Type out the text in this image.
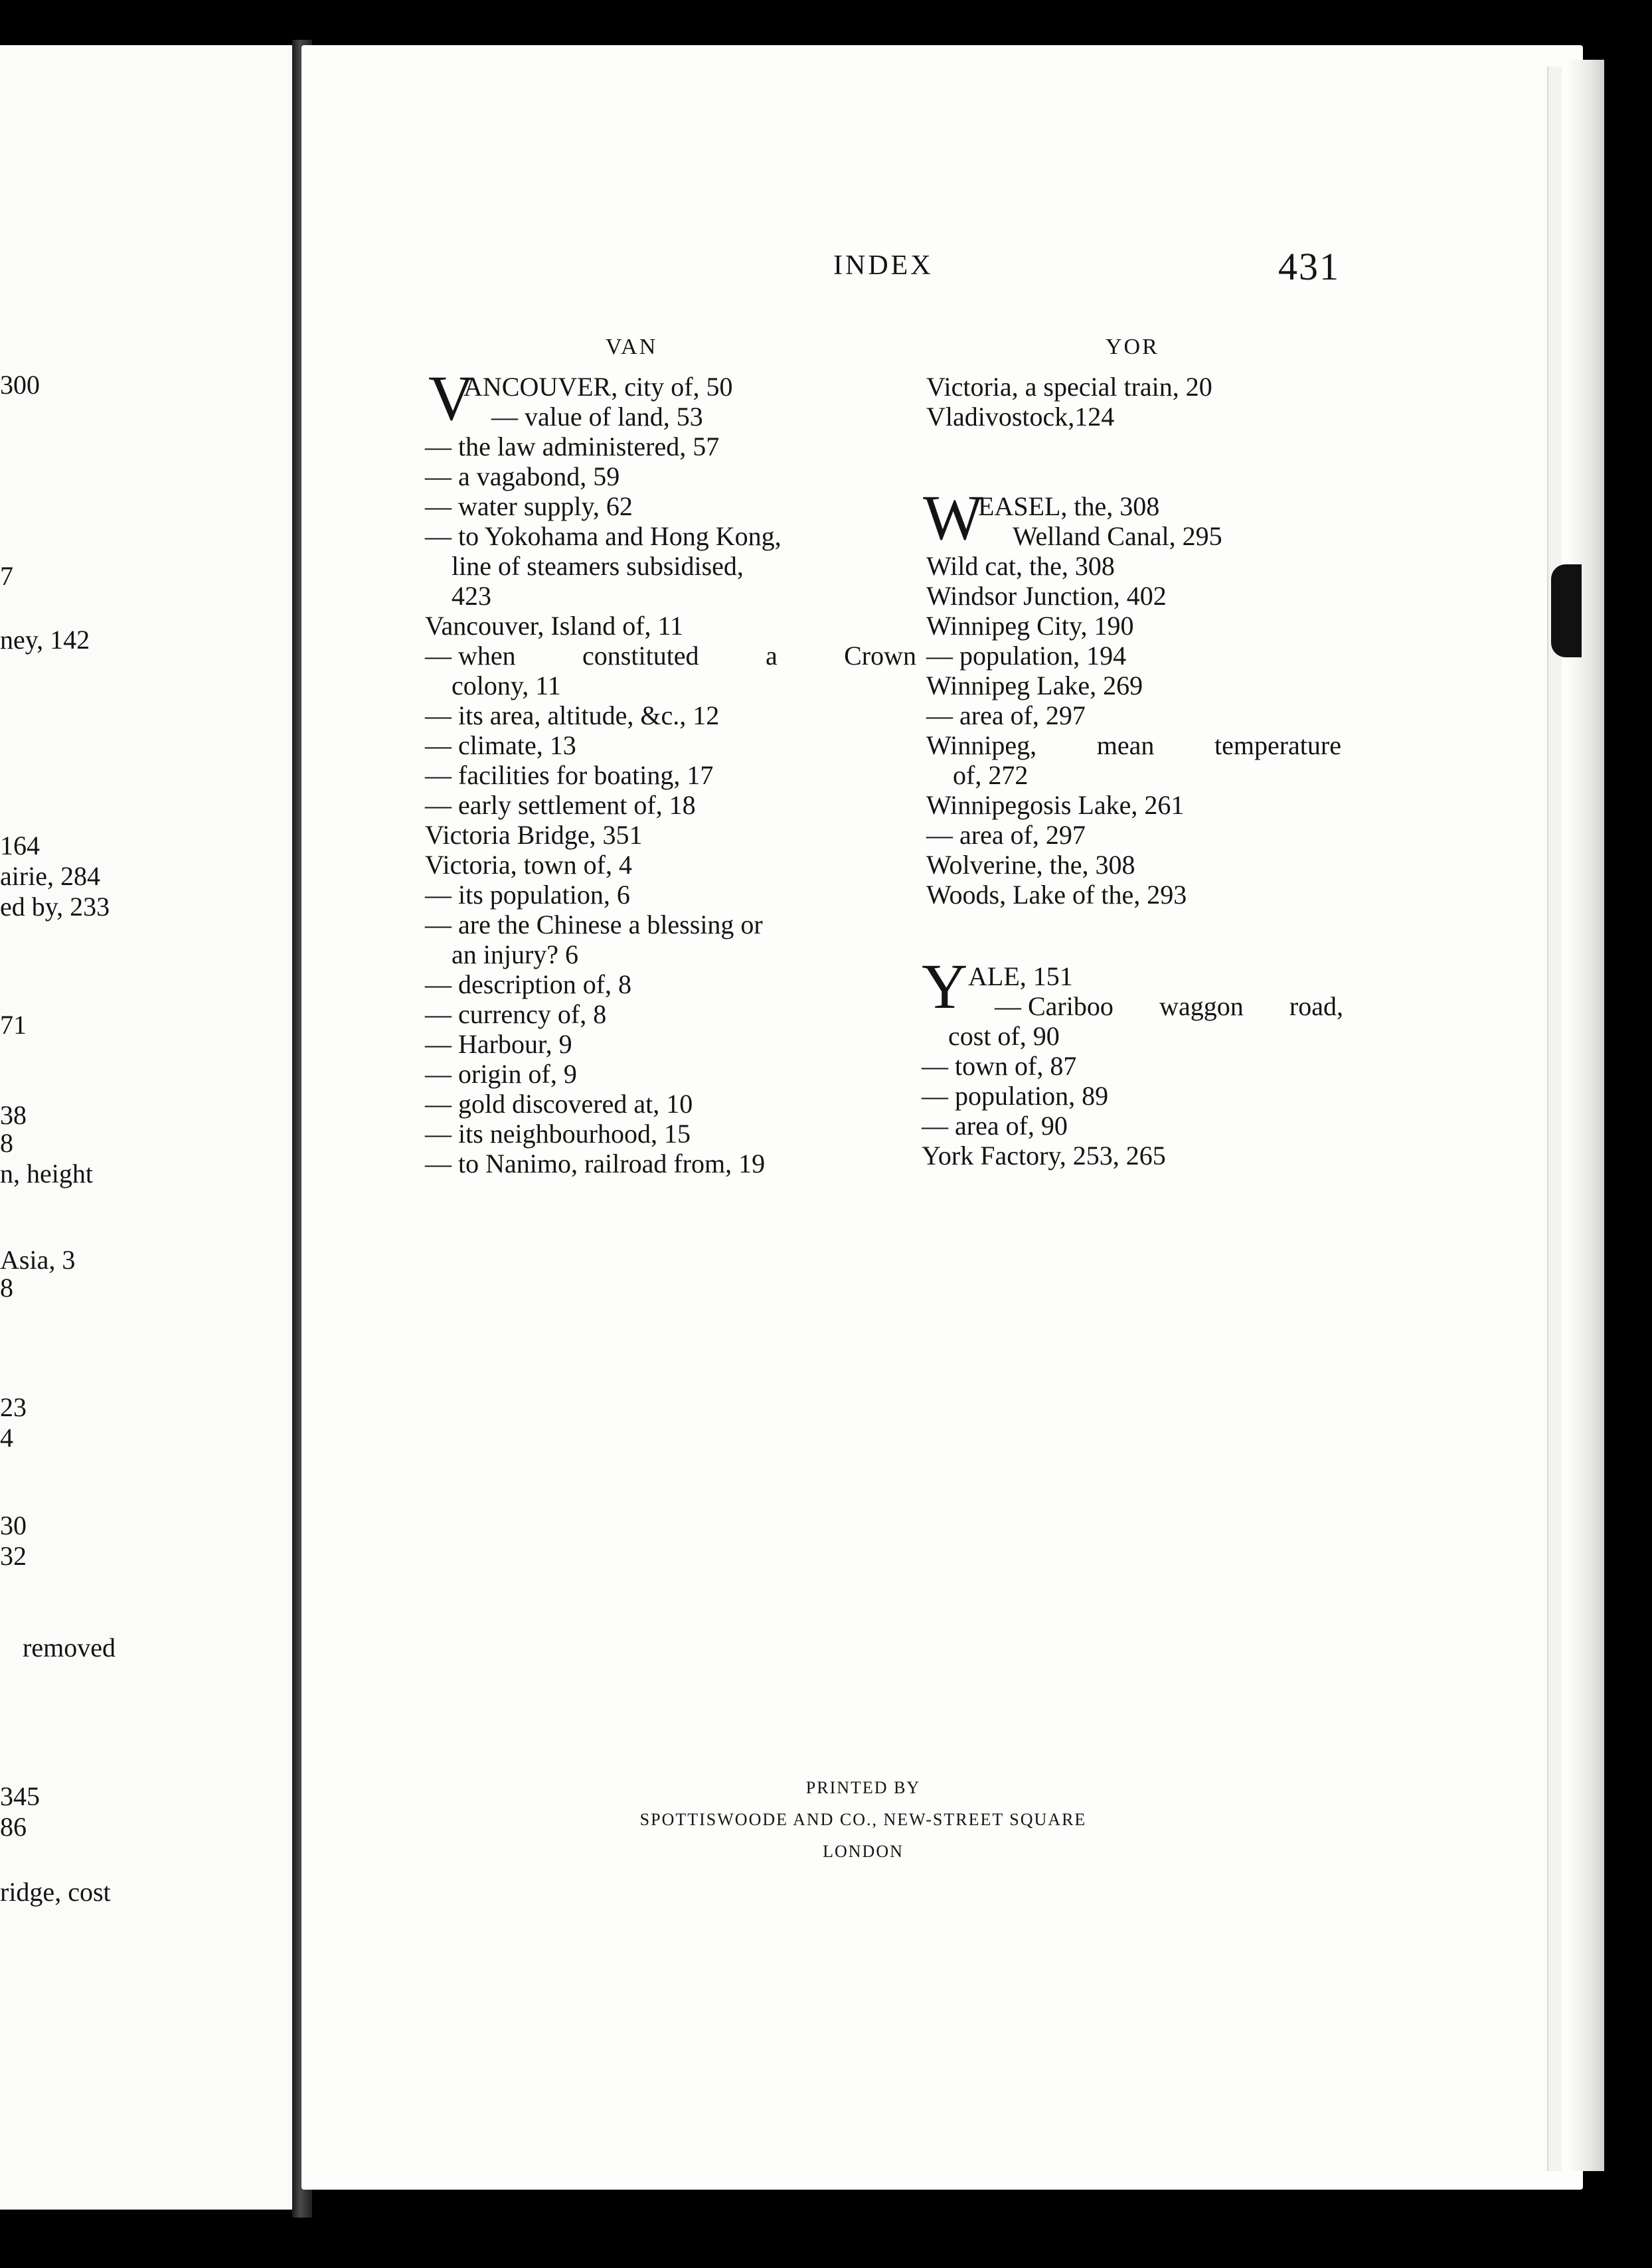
300
7
ney, 142
164
airie, 284
ed by, 233
71
38
8
n, height
Asia, 3
8
23
4
30
32
removed
345
86
ridge, cost
INDEX	431
VAN	YOR
V
ANCOUVER, city of, 50
— value of land, 53
— the law administered, 57
— a vagabond, 59
— water supply, 62
— to Yokohama and Hong Kong,
line of steamers subsidised,
423
Vancouver, Island of, 11
— when	constituted	a	Crown
colony, 11
— its area, altitude, &c., 12
— climate, 13
— facilities for boating, 17
— early settlement of, 18
Victoria Bridge, 351
Victoria, town of, 4
— its population, 6
— are the Chinese a blessing or
an injury? 6
— description of, 8
— currency of, 8
— Harbour, 9
— origin of, 9
— gold discovered at, 10
— its neighbourhood, 15
— to Nanimo, railroad from, 19
Victoria, a special train, 20
Vladivostock,124
W
EASEL, the, 308
Welland Canal, 295
Wild cat, the, 308
Windsor Junction, 402
Winnipeg City, 190
— population, 194
Winnipeg Lake, 269
— area of, 297
Winnipeg, mean temperature
of, 272
Winnipegosis Lake, 261
— area of, 297
Wolverine, the, 308
Woods, Lake of the, 293
Y ALE, 151
— Cariboo waggon road,
cost of, 90
— town of, 87
— population, 89
— area of, 90
York Factory, 253, 265
PRINTED BY
SPOTTISWOODE AND CO., NEW-STREET SQUARE
LONDON
